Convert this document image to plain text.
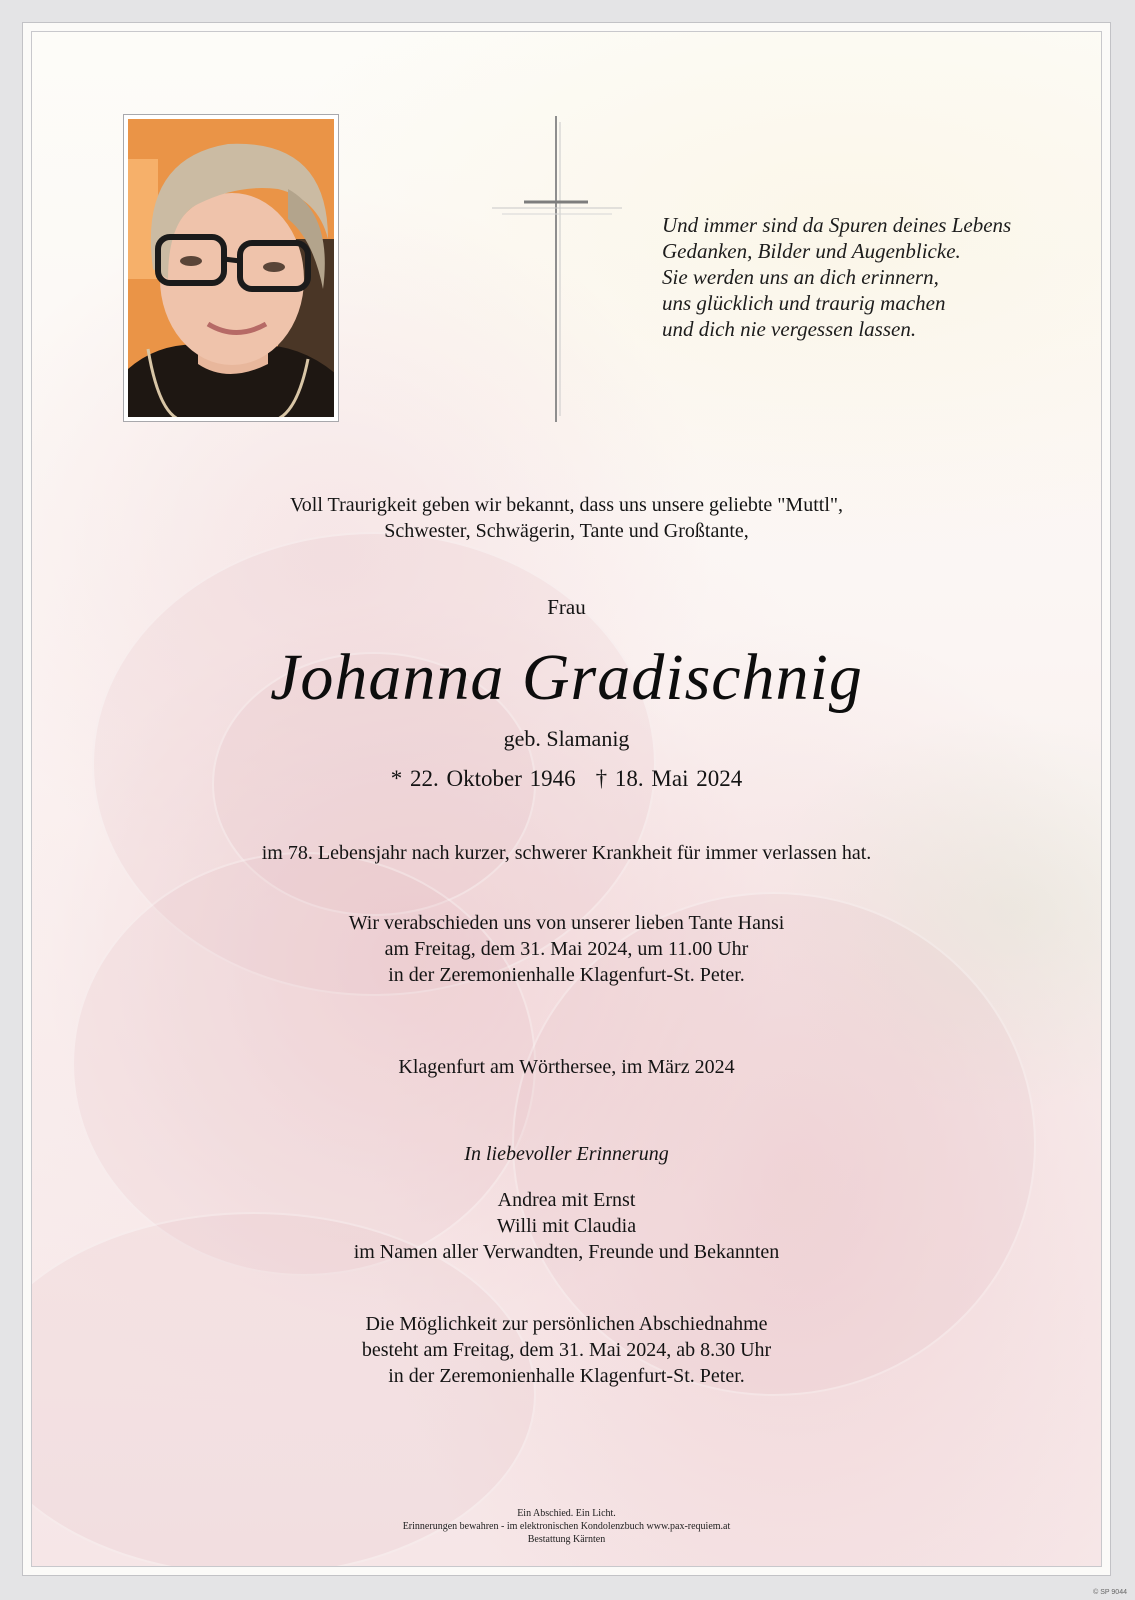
Und immer sind da Spuren deines Lebens
Gedanken, Bilder und Augenblicke.
Sie werden uns an dich erinnern,
uns glücklich und traurig machen
und dich nie vergessen lassen.
Voll Traurigkeit geben wir bekannt, dass uns unsere geliebte "Muttl",
Schwester, Schwägerin, Tante und Großtante,
Frau
Johanna Gradischnig
geb. Slamanig
* 22. Oktober 1946 † 18. Mai 2024
im 78. Lebensjahr nach kurzer, schwerer Krankheit für immer verlassen hat.
Wir verabschieden uns von unserer lieben Tante Hansi
am Freitag, dem 31. Mai 2024, um 11.00 Uhr
in der Zeremonienhalle Klagenfurt-St. Peter.
Klagenfurt am Wörthersee, im März 2024
In liebevoller Erinnerung
Andrea mit Ernst
Willi mit Claudia
im Namen aller Verwandten, Freunde und Bekannten
Die Möglichkeit zur persönlichen Abschiednahme
besteht am Freitag, dem 31. Mai 2024, ab 8.30 Uhr
in der Zeremonienhalle Klagenfurt-St. Peter.
Ein Abschied. Ein Licht.
Erinnerungen bewahren - im elektronischen Kondolenzbuch www.pax-requiem.at
Bestattung Kärnten
© SP 9044
